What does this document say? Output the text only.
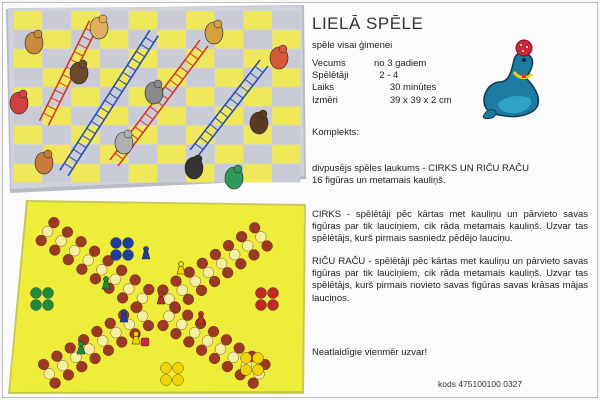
LIELĀ SPĒLE
spēle visai ģimenei
Vecums	no 3 gadiem
Spēlētāji	2 - 4
Laiks	30 minūtes
Izmēri	39 x 39 x 2 cm
Komplekts:
divpusējs spēles laukums - CIRKS UN RIČU RAČU
16 figūras un metamais kauliņš.
CIRKS - spēlētāji pēc kārtas met kauliņu un pārvieto savas figūras par tik lauciņiem, cik rāda metamais kauliņš. Uzvar tas spēlētājs, kurš pirmais sasniedz pēdējo lauciņu.
RIČU RAČU - spēlētāji pēc kārtas met kauliņu un pārvieto savas figūras par tik lauciņiem, cik rāda metamais kauliņš. Uzvar tas spēlētājs, kurš pirmais novieto savas figūras savas krāsas mājas lauciņos.
Neatlaidīgie vienmēr uzvar!
kods 475100100 0327
